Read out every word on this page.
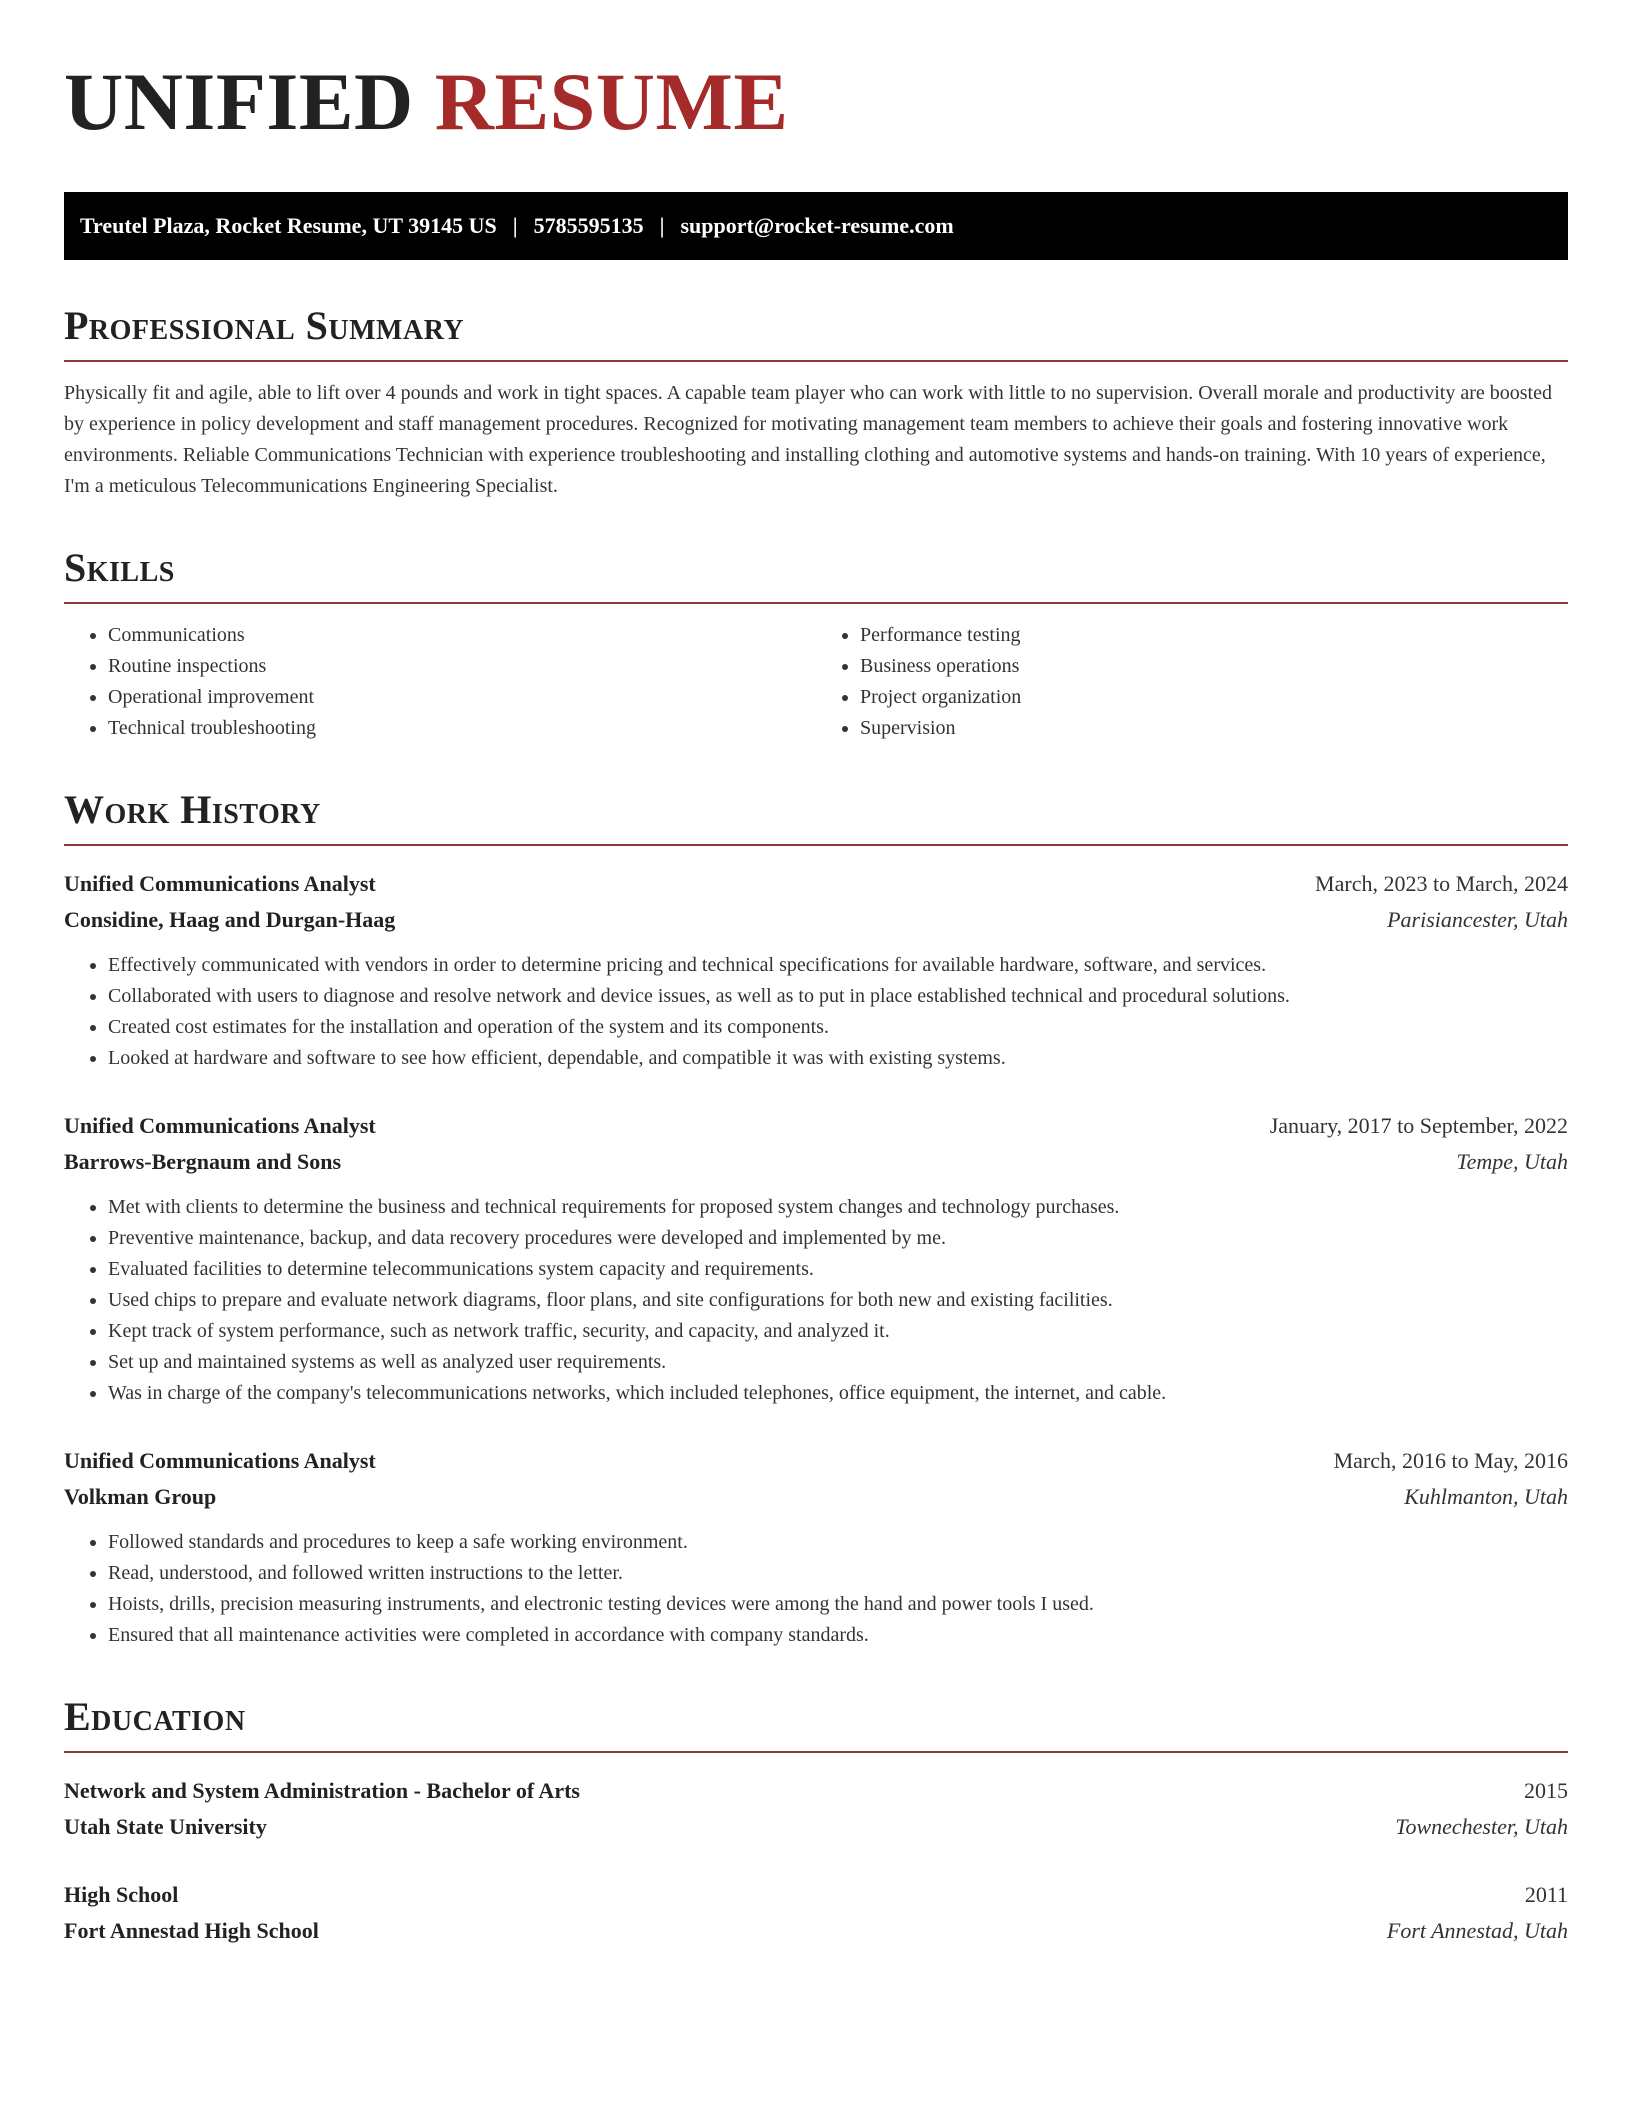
UNIFIED RESUME
Treutel Plaza, Rocket Resume, UT 39145 US | 5785595135 | support@rocket-resume.com
Professional Summary

Physically fit and agile, able to lift over 4 pounds and work in tight spaces. A capable team player who can work with little to no supervision. Overall morale and productivity are boosted by experience in policy development and staff management procedures. Recognized for motivating management team members to achieve their goals and fostering innovative work environments. Reliable Communications Technician with experience troubleshooting and installing clothing and automotive systems and hands-on training. With 10 years of experience, I'm a meticulous Telecommunications Engineering Specialist.

Skills
• Communications
• Routine inspections
• Operational improvement
• Technical troubleshooting
• Performance testing
• Business operations
• Project organization
• Supervision
Work History
Unified Communications Analyst	March, 2023 to March, 2024
Considine, Haag and Durgan-Haag	Parisiancester, Utah
• Effectively communicated with vendors in order to determine pricing and technical specifications for available hardware, software, and services.
• Collaborated with users to diagnose and resolve network and device issues, as well as to put in place established technical and procedural solutions.
• Created cost estimates for the installation and operation of the system and its components.
• Looked at hardware and software to see how efficient, dependable, and compatible it was with existing systems.
Unified Communications Analyst	January, 2017 to September, 2022
Barrows-Bergnaum and Sons	Tempe, Utah
• Met with clients to determine the business and technical requirements for proposed system changes and technology purchases.
• Preventive maintenance, backup, and data recovery procedures were developed and implemented by me.
• Evaluated facilities to determine telecommunications system capacity and requirements.
• Used chips to prepare and evaluate network diagrams, floor plans, and site configurations for both new and existing facilities.
• Kept track of system performance, such as network traffic, security, and capacity, and analyzed it.
• Set up and maintained systems as well as analyzed user requirements.
• Was in charge of the company's telecommunications networks, which included telephones, office equipment, the internet, and cable.
Unified Communications Analyst	March, 2016 to May, 2016
Volkman Group	Kuhlmanton, Utah
• Followed standards and procedures to keep a safe working environment.
• Read, understood, and followed written instructions to the letter.
• Hoists, drills, precision measuring instruments, and electronic testing devices were among the hand and power tools I used.
• Ensured that all maintenance activities were completed in accordance with company standards.
Education
Network and System Administration - Bachelor of Arts	2015
Utah State University	Townechester, Utah
High School	2011
Fort Annestad High School	Fort Annestad, Utah
